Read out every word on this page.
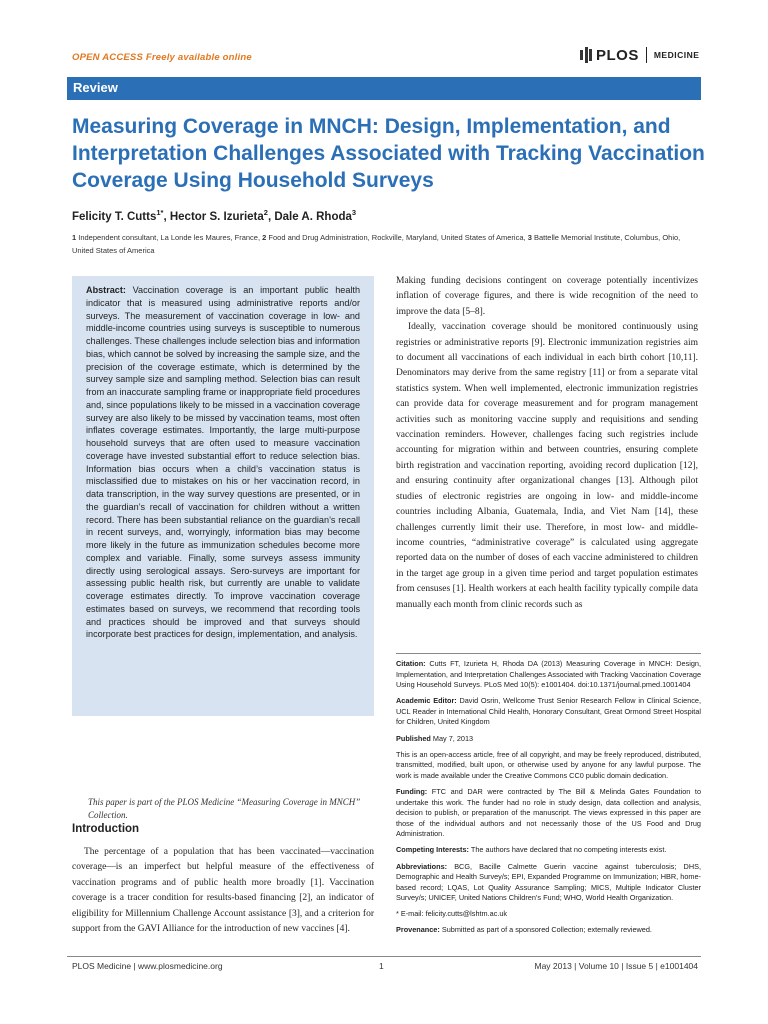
OPEN ACCESS Freely available online	PLOS MEDICINE
Review
Measuring Coverage in MNCH: Design, Implementation, and Interpretation Challenges Associated with Tracking Vaccination Coverage Using Household Surveys
Felicity T. Cutts$^{1*}$, Hector S. Izurieta$^2$, Dale A. Rhoda$^3$
1 Independent consultant, La Londe les Maures, France, 2 Food and Drug Administration, Rockville, Maryland, United States of America, 3 Battelle Memorial Institute, Columbus, Ohio, United States of America

Abstract: Vaccination coverage is an important public health indicator that is measured using administrative reports and/or surveys. The measurement of vaccination coverage in low- and middle-income countries using surveys is susceptible to numerous challenges. These challenges include selection bias and information bias, which cannot be solved by increasing the sample size, and the precision of the coverage estimate, which is determined by the survey sample size and sampling method. Selection bias can result from an inaccurate sampling frame or inappropriate field procedures and, since populations likely to be missed in a vaccination coverage survey are also likely to be missed by vaccination teams, most often inflates coverage estimates. Importantly, the large multi-purpose household surveys that are often used to measure vaccination coverage have invested substantial effort to reduce selection bias. Information bias occurs when a child’s vaccination status is misclassified due to mistakes on his or her vaccination record, in data transcription, in the way survey questions are presented, or in the guardian’s recall of vaccination for children without a written record. There has been substantial reliance on the guardian’s recall in recent surveys, and, worryingly, information bias may become more likely in the future as immunization schedules become more complex and variable. Finally, some surveys assess immunity directly using serological assays. Sero-surveys are important for assessing public health risk, but currently are unable to validate coverage estimates directly. To improve vaccination coverage estimates based on surveys, we recommend that recording tools and practices should be improved and that surveys should incorporate best practices for design, implementation, and analysis.

This paper is part of the PLOS Medicine “Measuring Coverage in MNCH” Collection.
Introduction

The percentage of a population that has been vaccinated—vaccination coverage—is an imperfect but helpful measure of the effectiveness of vaccination programs and of public health more broadly [1]. Vaccination coverage is a tracer condition for results-based financing [2], an indicator of eligibility for Millennium Challenge Account assistance [3], and a criterion for support from the GAVI Alliance for the introduction of new vaccines [4].

Making funding decisions contingent on coverage potentially incentivizes inflation of coverage figures, and there is wide recognition of the need to improve the data [5–8].

Ideally, vaccination coverage should be monitored continuously using registries or administrative reports [9]. Electronic immunization registries aim to document all vaccinations of each individual in each birth cohort [10,11]. Denominators may derive from the same registry [11] or from a separate vital statistics system. When well implemented, electronic immunization registries can provide data for coverage measurement and for program management activities such as monitoring vaccine supply and requisitions and sending vaccination reminders. However, challenges facing such registries include accounting for migration within and between countries, ensuring complete birth registration and vaccination reporting, avoiding record duplication [12], and ensuring continuity after organizational changes [13]. Although pilot studies of electronic registries are ongoing in low- and middle-income countries including Albania, Guatemala, India, and Viet Nam [14], these challenges currently limit their use. Therefore, in most low- and middle-income countries, “administrative coverage” is calculated using aggregate reported data on the number of doses of each vaccine administered to children in the target age group in a given time period and target population estimates from censuses [1]. Health workers at each health facility typically compile data manually each month from clinic records such as

Citation: Cutts FT, Izurieta H, Rhoda DA (2013) Measuring Coverage in MNCH: Design, Implementation, and Interpretation Challenges Associated with Tracking Vaccination Coverage Using Household Surveys. PLoS Med 10(5): e1001404. doi:10.1371/journal.pmed.1001404

Academic Editor: David Osrin, Wellcome Trust Senior Research Fellow in Clinical Science, UCL Reader in International Child Health, Honorary Consultant, Great Ormond Street Hospital for Children, United Kingdom

Published May 7, 2013

This is an open-access article, free of all copyright, and may be freely reproduced, distributed, transmitted, modified, built upon, or otherwise used by anyone for any lawful purpose. The work is made available under the Creative Commons CC0 public domain dedication.

Funding: FTC and DAR were contracted by The Bill & Melinda Gates Foundation to undertake this work. The funder had no role in study design, data collection and analysis, decision to publish, or preparation of the manuscript. The views expressed in this paper are those of the individual authors and not necessarily those of the US Food and Drug Administration.

Competing Interests: The authors have declared that no competing interests exist.

Abbreviations: BCG, Bacille Calmette Guerin vaccine against tuberculosis; DHS, Demographic and Health Survey/s; EPI, Expanded Programme on Immunization; HBR, home-based record; LQAS, Lot Quality Assurance Sampling; MICS, Multiple Indicator Cluster Survey/s; UNICEF, United Nations Children’s Fund; WHO, World Health Organization.

* E-mail: felicity.cutts@lshtm.ac.uk

Provenance: Submitted as part of a sponsored Collection; externally reviewed.

PLOS Medicine | www.plosmedicine.org	1	May 2013 | Volume 10 | Issue 5 | e1001404
